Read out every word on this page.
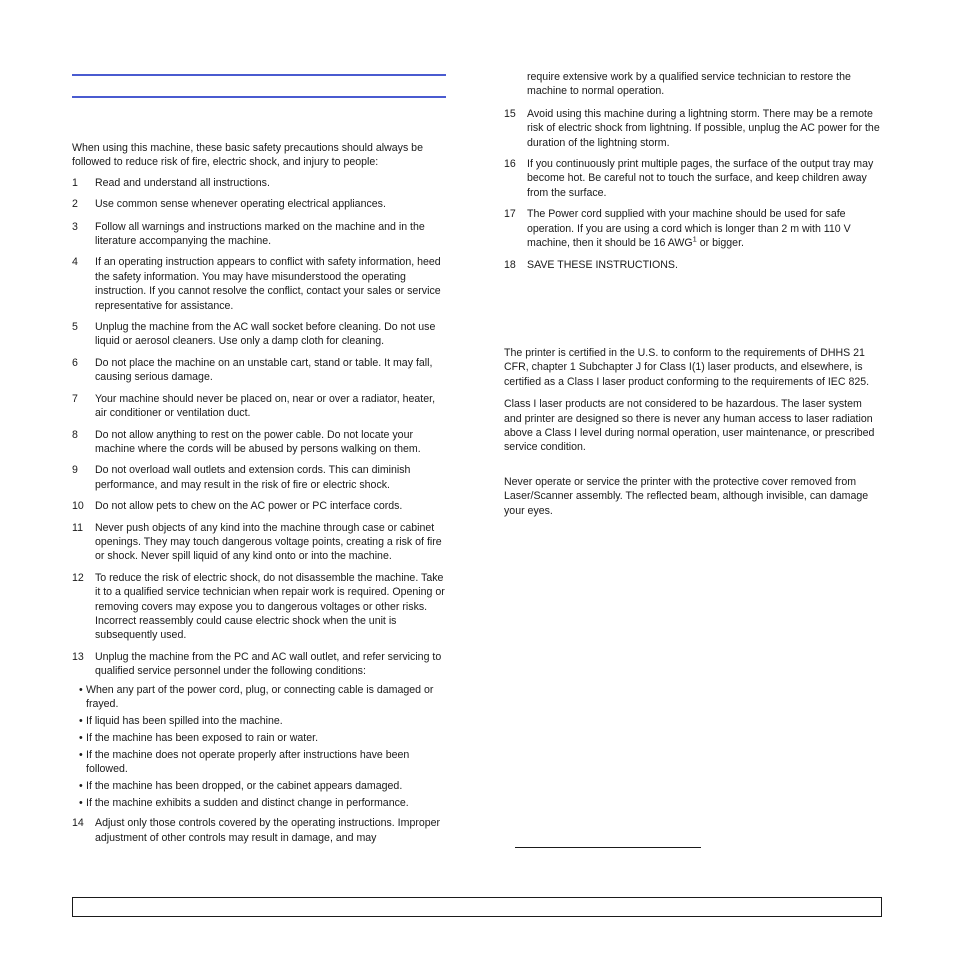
When using this machine, these basic safety precautions should always be followed to reduce risk of fire, electric shock, and injury to people:

1 Read and understand all instructions.

2 Use common sense whenever operating electrical appliances.

3 Follow all warnings and instructions marked on the machine and in the literature accompanying the machine.

4 If an operating instruction appears to conflict with safety information, heed the safety information. You may have misunderstood the operating instruction. If you cannot resolve the conflict, contact your sales or service representative for assistance.

5 Unplug the machine from the AC wall socket before cleaning. Do not use liquid or aerosol cleaners. Use only a damp cloth for cleaning.

6 Do not place the machine on an unstable cart, stand or table. It may fall, causing serious damage.

7 Your machine should never be placed on, near or over a radiator, heater, air conditioner or ventilation duct.

8 Do not allow anything to rest on the power cable. Do not locate your machine where the cords will be abused by persons walking on them.

9 Do not overload wall outlets and extension cords. This can diminish performance, and may result in the risk of fire or electric shock.

10 Do not allow pets to chew on the AC power or PC interface cords.

11 Never push objects of any kind into the machine through case or cabinet openings. They may touch dangerous voltage points, creating a risk of fire or shock. Never spill liquid of any kind onto or into the machine.

12 To reduce the risk of electric shock, do not disassemble the machine. Take it to a qualified service technician when repair work is required. Opening or removing covers may expose you to dangerous voltages or other risks. Incorrect reassembly could cause electric shock when the unit is subsequently used.

13 Unplug the machine from the PC and AC wall outlet, and refer servicing to qualified service personnel under the following conditions:

• When any part of the power cord, plug, or connecting cable is damaged or frayed.
• If liquid has been spilled into the machine.
• If the machine has been exposed to rain or water.
• If the machine does not operate properly after instructions have been followed.
• If the machine has been dropped, or the cabinet appears damaged.
• If the machine exhibits a sudden and distinct change in performance.
14 Adjust only those controls covered by the operating instructions. Improper adjustment of other controls may result in damage, and may

require extensive work by a qualified service technician to restore the machine to normal operation.

15 Avoid using this machine during a lightning storm. There may be a remote risk of electric shock from lightning. If possible, unplug the AC power for the duration of the lightning storm.

16 If you continuously print multiple pages, the surface of the output tray may become hot. Be careful not to touch the surface, and keep children away from the surface.

17 The Power cord supplied with your machine should be used for safe operation. If you are using a cord which is longer than 2 m with 110 V machine, then it should be 16 AWG$^1$ or bigger.

18 SAVE THESE INSTRUCTIONS.

The printer is certified in the U.S. to conform to the requirements of DHHS 21 CFR, chapter 1 Subchapter J for Class I(1) laser products, and elsewhere, is certified as a Class I laser product conforming to the requirements of IEC 825.

Class I laser products are not considered to be hazardous. The laser system and printer are designed so there is never any human access to laser radiation above a Class I level during normal operation, user maintenance, or prescribed service condition.

Never operate or service the printer with the protective cover removed from Laser/Scanner assembly. The reflected beam, although invisible, can damage your eyes.
